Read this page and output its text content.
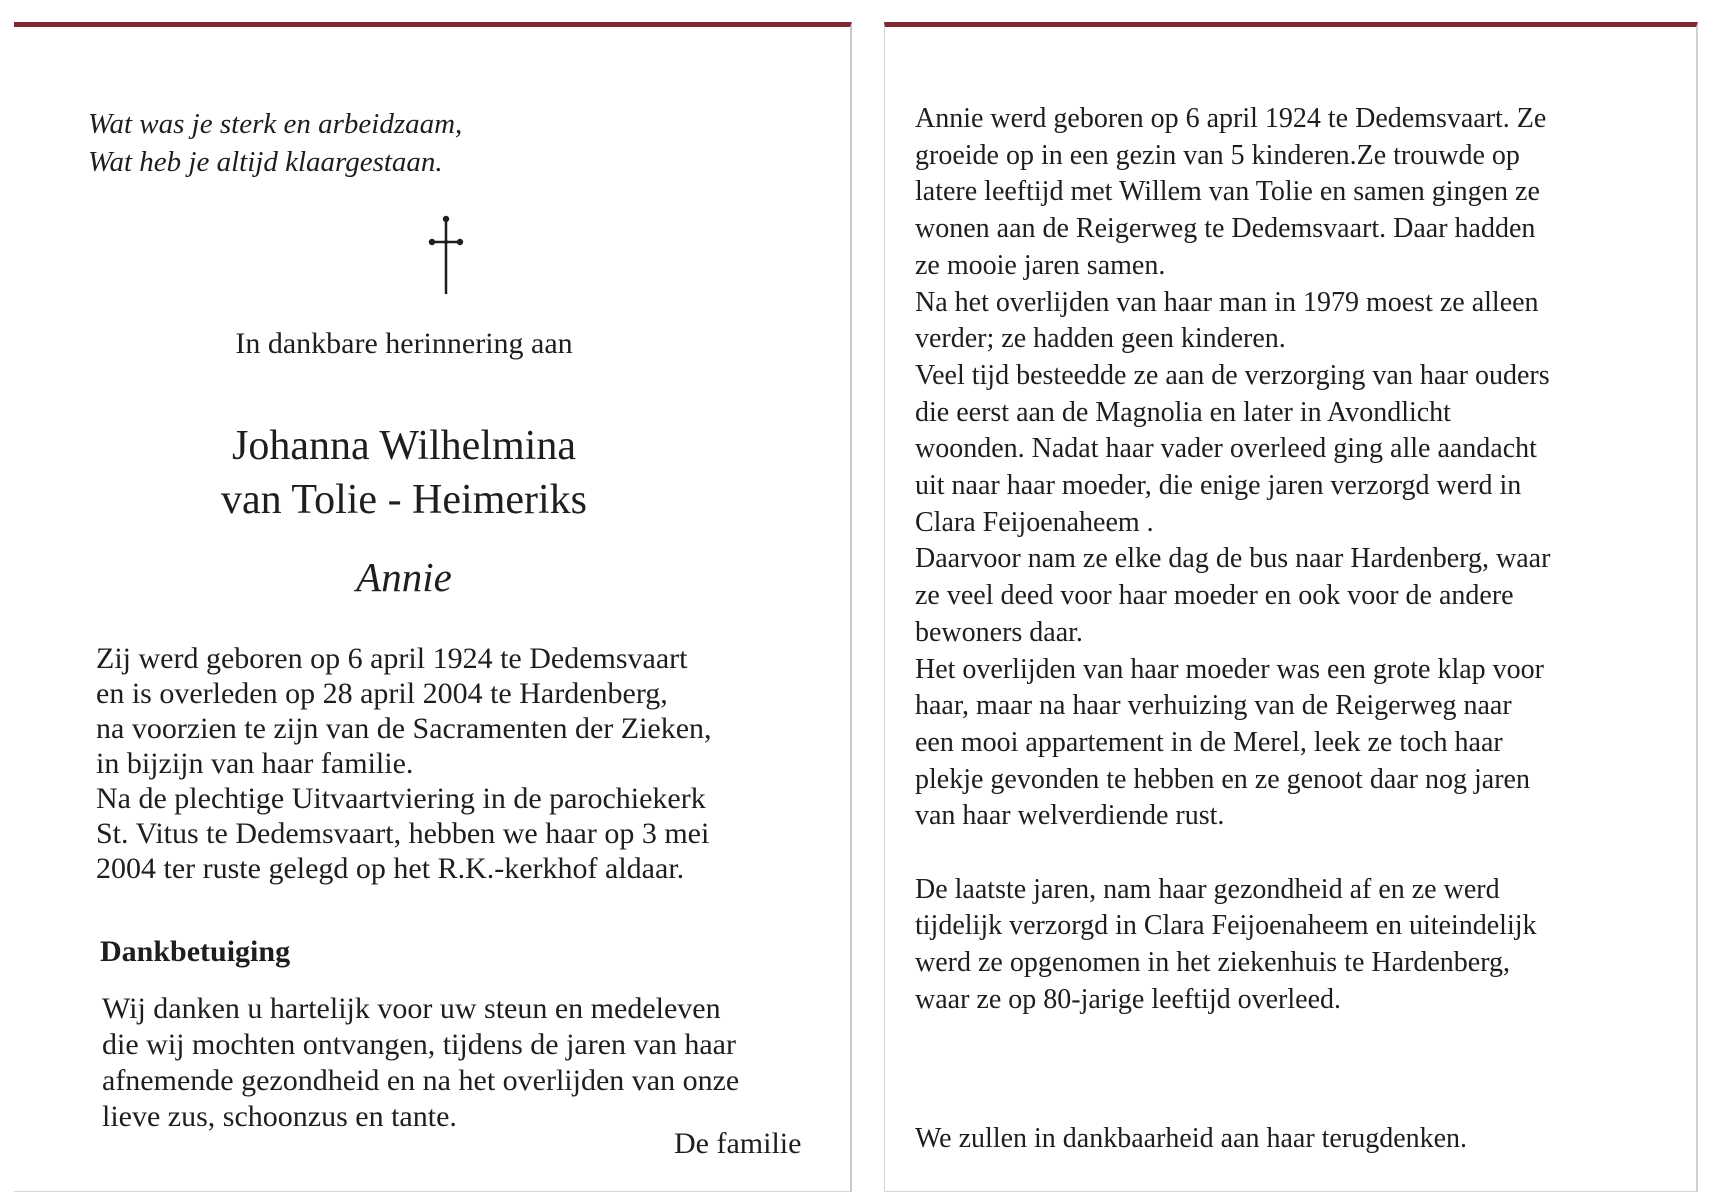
Wat was je sterk en arbeidzaam,
Wat heb je altijd klaargestaan.

In dankbare herinnering aan

Johanna Wilhelmina
van Tolie - Heimeriks

Annie

Zij werd geboren op 6 april 1924 te Dedemsvaart
en is overleden op 28 april 2004 te Hardenberg,
na voorzien te zijn van de Sacramenten der Zieken,
in bijzijn van haar familie.
Na de plechtige Uitvaartviering in de parochiekerk
St. Vitus te Dedemsvaart, hebben we haar op 3 mei
2004 ter ruste gelegd op het R.K.-kerkhof aldaar.

Dankbetuiging

Wij danken u hartelijk voor uw steun en medeleven
die wij mochten ontvangen, tijdens de jaren van haar
afnemende gezondheid en na het overlijden van onze
lieve zus, schoonzus en tante.

De familie

Annie werd geboren op 6 april 1924 te Dedemsvaart. Ze
groeide op in een gezin van 5 kinderen.Ze trouwde op
latere leeftijd met Willem van Tolie en samen gingen ze
wonen aan de Reigerweg te Dedemsvaart. Daar hadden
ze mooie jaren samen.
Na het overlijden van haar man in 1979 moest ze alleen
verder; ze hadden geen kinderen.
Veel tijd besteedde ze aan de verzorging van haar ouders
die eerst aan de Magnolia en later in Avondlicht
woonden. Nadat haar vader overleed ging alle aandacht
uit naar haar moeder, die enige jaren verzorgd werd in
Clara Feijoenaheem .
Daarvoor nam ze elke dag de bus naar Hardenberg, waar
ze veel deed voor haar moeder en ook voor de andere
bewoners daar.
Het overlijden van haar moeder was een grote klap voor
haar, maar na haar verhuizing van de Reigerweg naar
een mooi appartement in de Merel, leek ze toch haar
plekje gevonden te hebben en ze genoot daar nog jaren
van haar welverdiende rust.
De laatste jaren, nam haar gezondheid af en ze werd
tijdelijk verzorgd in Clara Feijoenaheem en uiteindelijk
werd ze opgenomen in het ziekenhuis te Hardenberg,
waar ze op 80-jarige leeftijd overleed.

We zullen in dankbaarheid aan haar terugdenken.
